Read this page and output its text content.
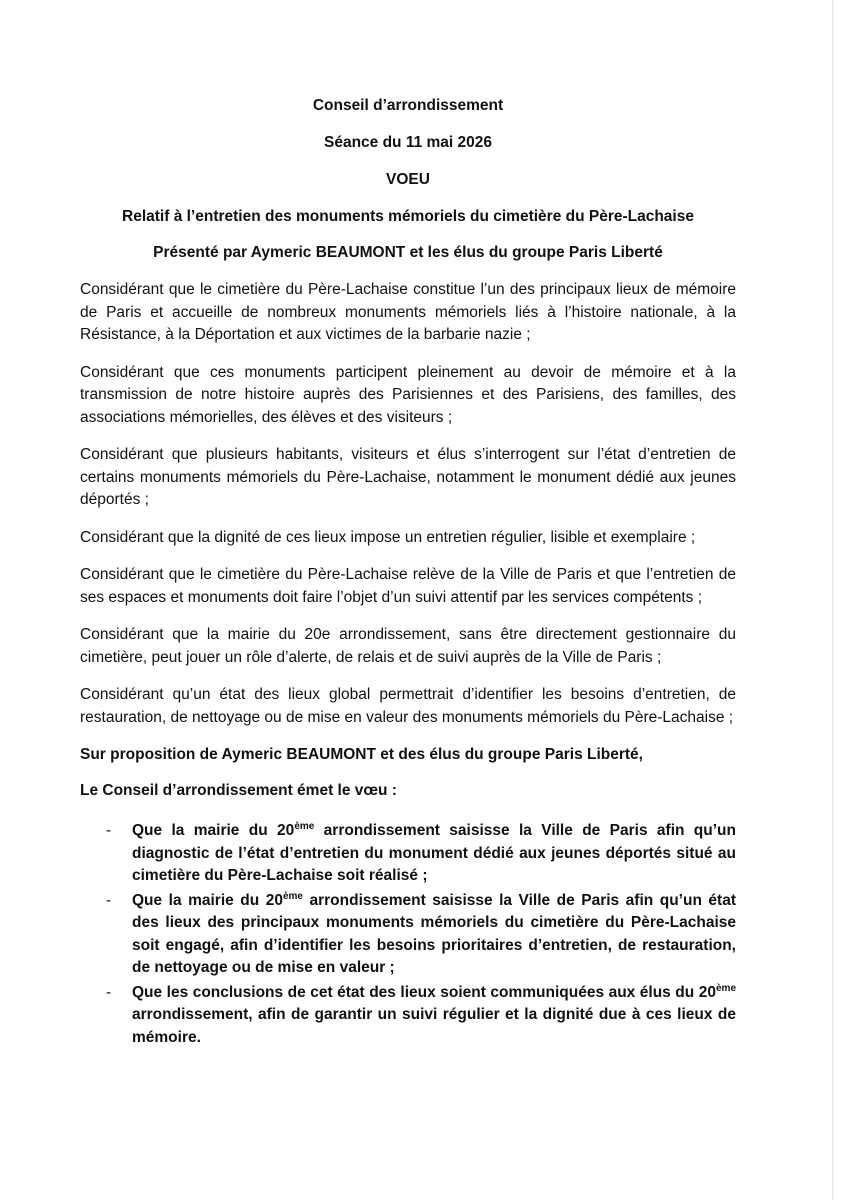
Conseil d’arrondissement

Séance du 11 mai 2026

VOEU

Relatif à l’entretien des monuments mémoriels du cimetière du Père-Lachaise

Présenté par Aymeric BEAUMONT et les élus du groupe Paris Liberté

Considérant que le cimetière du Père-Lachaise constitue l’un des principaux lieux de mémoire de Paris et accueille de nombreux monuments mémoriels liés à l’histoire nationale, à la Résistance, à la Déportation et aux victimes de la barbarie nazie ;

Considérant que ces monuments participent pleinement au devoir de mémoire et à la transmission de notre histoire auprès des Parisiennes et des Parisiens, des familles, des associations mémorielles, des élèves et des visiteurs ;

Considérant que plusieurs habitants, visiteurs et élus s’interrogent sur l’état d’entretien de certains monuments mémoriels du Père-Lachaise, notamment le monument dédié aux jeunes déportés ;

Considérant que la dignité de ces lieux impose un entretien régulier, lisible et exemplaire ;

Considérant que le cimetière du Père-Lachaise relève de la Ville de Paris et que l’entretien de ses espaces et monuments doit faire l’objet d’un suivi attentif par les services compétents ;

Considérant que la mairie du 20e arrondissement, sans être directement gestionnaire du cimetière, peut jouer un rôle d’alerte, de relais et de suivi auprès de la Ville de Paris ;

Considérant qu’un état des lieux global permettrait d’identifier les besoins d’entretien, de restauration, de nettoyage ou de mise en valeur des monuments mémoriels du Père-Lachaise ;

Sur proposition de Aymeric BEAUMONT et des élus du groupe Paris Liberté,

Le Conseil d’arrondissement émet le vœu :

- Que la mairie du 20ème arrondissement saisisse la Ville de Paris afin qu’un diagnostic de l’état d’entretien du monument dédié aux jeunes déportés situé au cimetière du Père-Lachaise soit réalisé ;
- Que la mairie du 20ème arrondissement saisisse la Ville de Paris afin qu’un état des lieux des principaux monuments mémoriels du cimetière du Père-Lachaise soit engagé, afin d’identifier les besoins prioritaires d’entretien, de restauration, de nettoyage ou de mise en valeur ;
- Que les conclusions de cet état des lieux soient communiquées aux élus du 20ème arrondissement, afin de garantir un suivi régulier et la dignité due à ces lieux de mémoire.
